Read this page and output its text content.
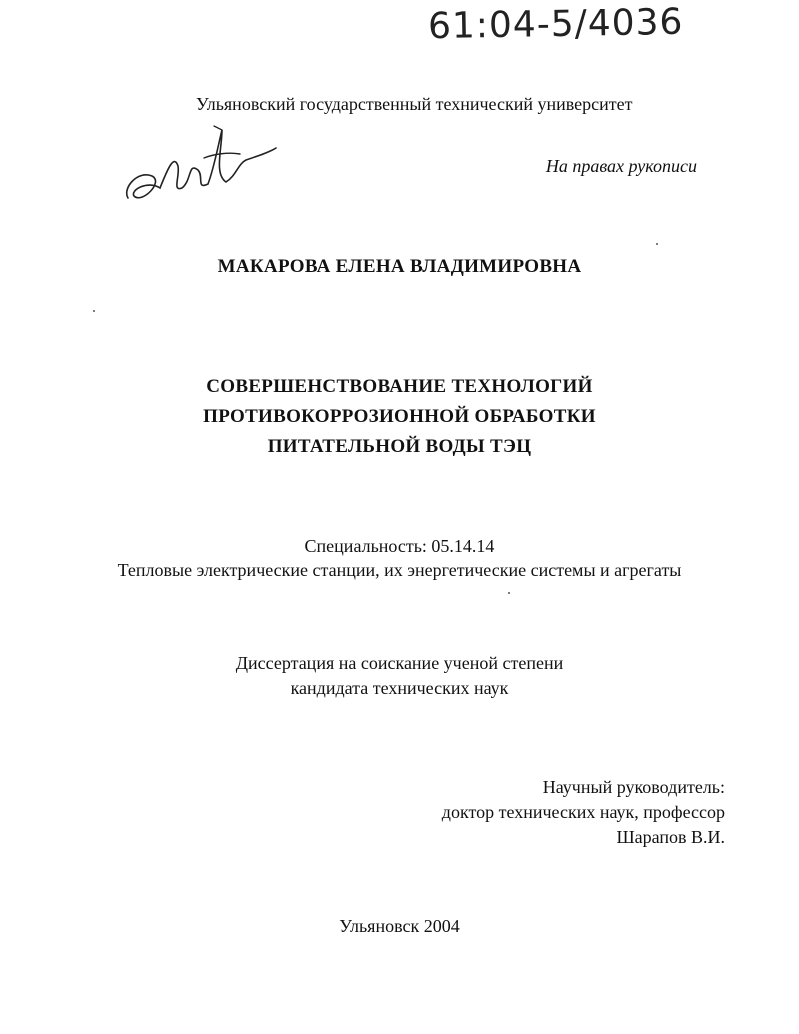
61:04-5/4036
Ульяновский государственный технический университет
На правах рукописи
МАКАРОВА ЕЛЕНА ВЛАДИМИРОВНА
СОВЕРШЕНСТВОВАНИЕ ТЕХНОЛОГИЙ
ПРОТИВОКОРРОЗИОННОЙ ОБРАБОТКИ
ПИТАТЕЛЬНОЙ ВОДЫ ТЭЦ
Специальность: 05.14.14
Тепловые электрические станции, их энергетические системы и агрегаты
Диссертация на соискание ученой степени
кандидата технических наук
Научный руководитель:
доктор технических наук, профессор
Шарапов В.И.
Ульяновск 2004
